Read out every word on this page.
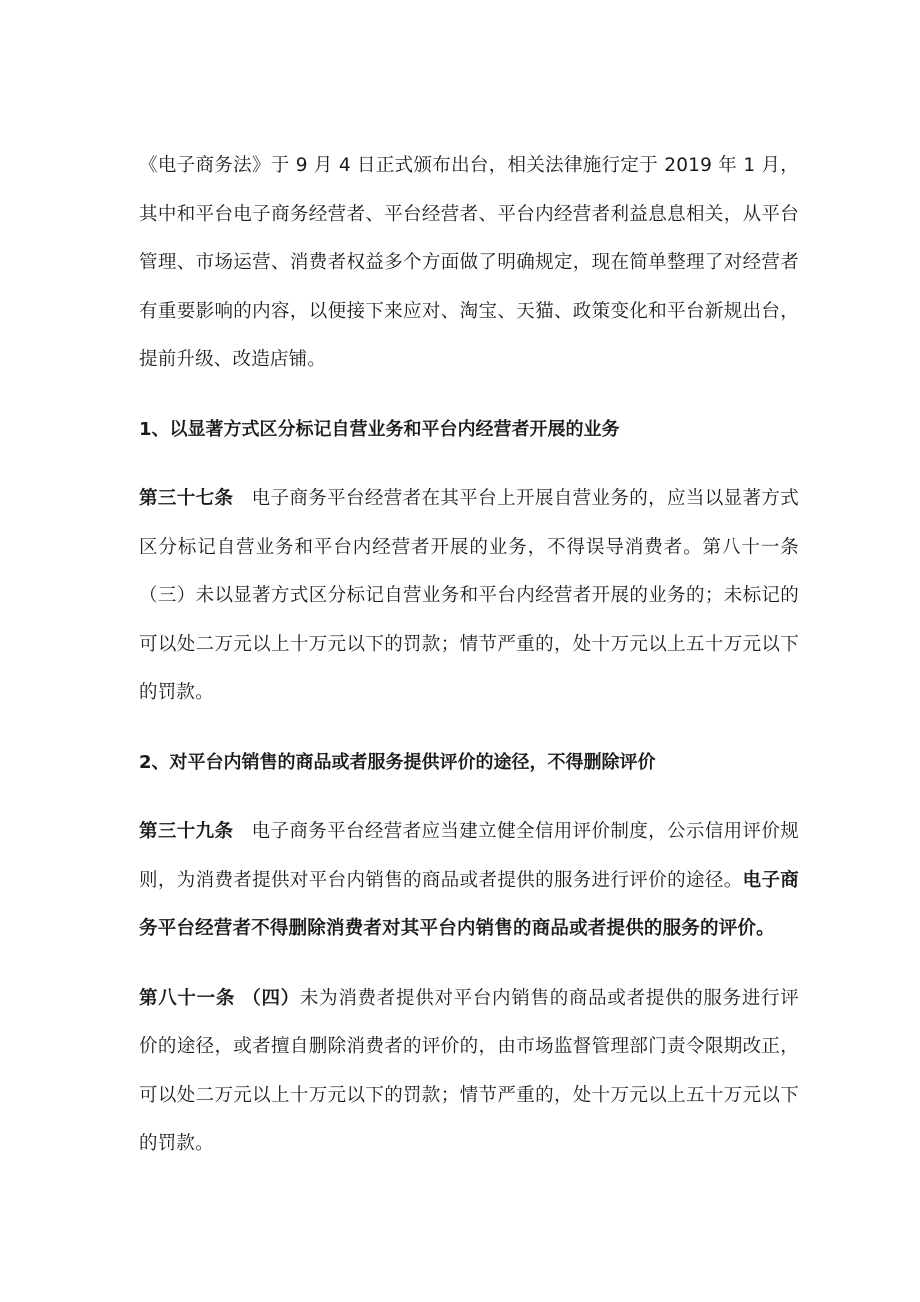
《电子商务法》于 9 月 4 日正式颁布出台，相关法律施行定于 2019 年 1 月，其中和平台电子商务经营者、平台经营者、平台内经营者利益息息相关，从平台管理、市场运营、消费者权益多个方面做了明确规定，现在简单整理了对经营者有重要影响的内容，以便接下来应对、淘宝、天猫、政策变化和平台新规出台，提前升级、改造店铺。

1、以显著方式区分标记自营业务和平台内经营者开展的业务

第三十七条 电子商务平台经营者在其平台上开展自营业务的，应当以显著方式区分标记自营业务和平台内经营者开展的业务，不得误导消费者。第八十一条（三）未以显著方式区分标记自营业务和平台内经营者开展的业务的；未标记的可以处二万元以上十万元以下的罚款；情节严重的，处十万元以上五十万元以下的罚款。

2、对平台内销售的商品或者服务提供评价的途径，不得删除评价

第三十九条 电子商务平台经营者应当建立健全信用评价制度，公示信用评价规则，为消费者提供对平台内销售的商品或者提供的服务进行评价的途径。电子商务平台经营者不得删除消费者对其平台内销售的商品或者提供的服务的评价。

第八十一条 （四）未为消费者提供对平台内销售的商品或者提供的服务进行评价的途径，或者擅自删除消费者的评价的，由市场监督管理部门责令限期改正，可以处二万元以上十万元以下的罚款；情节严重的，处十万元以上五十万元以下的罚款。
